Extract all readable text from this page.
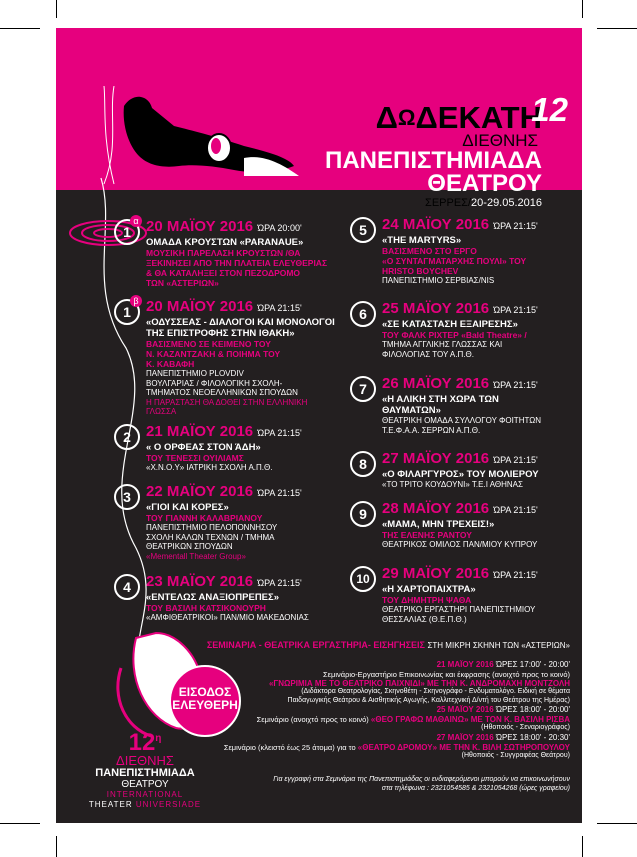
$\Delta^\Omega\Delta EKATH$
12
ΔΙΕΘΝΗΣ
ΠΑΝΕΠΙΣΤΗΜΙΑΔΑ
ΘΕΑΤΡΟΥ
ΣΕΡΡΕΣ/20-29.05.2016
1
α 20 ΜΑΪΟΥ 2016 ΏΡΑ 20:00'
ΟΜΑΔΑ ΚΡΟΥΣΤΩΝ «PARANAUE»
ΜΟΥΣΙΚΗ ΠΑΡΕΛΑΣΗ ΚΡΟΥΣΤΩΝ /ΘΑ
ΞΕΚΙΝΗΣΕΙ ΑΠΟ ΤΗΝ ΠΛΑΤΕΙΑ ΕΛΕΥΘΕΡΙΑΣ
& ΘΑ ΚΑΤΑΛΗΞΕΙ ΣΤΟΝ ΠΕΖΟΔΡΟΜΟ
ΤΩΝ «ΑΣΤΕΡΙΩΝ»
1
β 20 ΜΑΪΟΥ 2016 ΏΡΑ 21:15'
«ΟΔΥΣΣΕΑΣ - ΔΙΑΛΟΓΟΙ ΚΑΙ ΜΟΝΟΛΟΓΟΙ
ΤΗΣ ΕΠΙΣΤΡΟΦΗΣ ΣΤΗΝ ΙΘΑΚΗ»
ΒΑΣΙΣΜΕΝΟ ΣΕ ΚΕΙΜΕΝΟ ΤΟΥ
Ν. ΚΑΖΑΝΤΖΑΚΗ & ΠΟΙΗΜΑ ΤΟΥ
Κ. ΚΑΒΑΦΗ
ΠΑΝΕΠΙΣΤΗΜΙΟ PLOVDIV
ΒΟΥΛΓΑΡΙΑΣ / ΦΙΛΟΛΟΓΙΚΗ ΣΧΟΛΗ-
ΤΜΗΜΑΤΟΣ ΝΕΟΕΛΛΗΝΙΚΩΝ ΣΠΟΥΔΩΝ
Η ΠΑΡΑΣΤΑΣΗ ΘΑ ΔΟΘΕΙ ΣΤΗΝ ΕΛΛΗΝΙΚΗ
ΓΛΩΣΣΑ
2	21 ΜΑΪΟΥ 2016 ΏΡΑ 21:15'
« Ο ΟΡΦΕΑΣ ΣΤΟΝ ΆΔΗ»
ΤΟΥ ΤΕΝΕΣΣΙ ΟΥΙΛΙΑΜΣ
«Χ.Ν.Ο.Υ» ΙΑΤΡΙΚΗ ΣΧΟΛΗ Α.Π.Θ.
3	22 ΜΑΪΟΥ 2016 ΏΡΑ 21:15'
«ΓΙΟΙ ΚΑΙ ΚΟΡΕΣ»
ΤΟΥ ΓΙΑΝΝΗ ΚΑΛΑΒΡΙΑΝΟΥ
ΠΑΝΕΠΙΣΤΗΜΙΟ ΠΕΛΟΠΟΝΝΗΣΟΥ
ΣΧΟΛΗ ΚΑΛΩΝ ΤΕΧΝΩΝ / ΤΜΗΜΑ
ΘΕΑΤΡΙΚΩΝ ΣΠΟΥΔΩΝ
«Mementall Theater Group»
4	23 ΜΑΪΟΥ 2016 ΏΡΑ 21:15'
«ΕΝΤΕΛΩΣ ΑΝΑΞΙΟΠΡΕΠΕΣ»
ΤΟΥ ΒΑΣΙΛΗ ΚΑΤΣΙΚΟΝΟΥΡΗ
«ΑΜΦΙΘΕΑΤΡΙΚΟΙ» ΠΑΝ/ΜΙΟ ΜΑΚΕΔΟΝΙΑΣ
5	24 ΜΑΪΟΥ 2016 ΏΡΑ 21:15'
«THE MARTYRS»
ΒΑΣΙΣΜΕΝΟ ΣΤΟ ΕΡΓΟ
«Ο ΣΥΝΤΑΓΜΑΤΑΡΧΗΣ ΠΟΥΛΙ» ΤΟΥ
HRISTO BOYCHEV
ΠΑΝΕΠΙΣΤΗΜΙΟ ΣΕΡΒΙΑΣ/NIS
6	25 ΜΑΪΟΥ 2016 ΏΡΑ 21:15'
«ΣΕ ΚΑΤΑΣΤΑΣΗ ΕΞΑΙΡΕΣΗΣ»
ΤΟΥ ΦΑΛΚ ΡΙΧΤΕΡ «Bald Theatre» /
ΤΜΗΜΑ ΑΓΓΛΙΚΗΣ ΓΛΩΣΣΑΣ ΚΑΙ
ΦΙΛΟΛΟΓΙΑΣ ΤΟΥ Α.Π.Θ.
7	26 ΜΑΪΟΥ 2016 ΏΡΑ 21:15'
«Η ΑΛΙΚΗ ΣΤΗ ΧΩΡΑ ΤΩΝ
ΘΑΥΜΑΤΩΝ»
ΘΕΑΤΡΙΚΗ ΟΜΑΔΑ ΣΥΛΛΟΓΟΥ ΦΟΙΤΗΤΩΝ
Τ.Ε.Φ.Α.Α. ΣΕΡΡΩΝ Α.Π.Θ.
8	27 ΜΑΪΟΥ 2016 ΏΡΑ 21:15'
«Ο ΦΙΛΑΡΓΥΡΟΣ» ΤΟΥ ΜΟΛΙΕΡΟΥ
«ΤΟ ΤΡΙΤΟ ΚΟΥΔΟΥΝΙ» Τ.Ε.Ι ΑΘΗΝΑΣ
9	28 ΜΑΪΟΥ 2016 ΏΡΑ 21:15'
«ΜΑΜΑ, ΜΗΝ ΤΡΕΧΕΙΣ!»
ΤΗΣ ΕΛΕΝΗΣ ΡΑΝΤΟΥ
ΘΕΑΤΡΙΚΟΣ ΟΜΙΛΟΣ ΠΑΝ/ΜΙΟΥ ΚΥΠΡΟΥ
10 29 ΜΑΪΟΥ 2016 ΏΡΑ 21:15'
«Η ΧΑΡΤΟΠΑΙΧΤΡΑ»
ΤΟΥ ΔΗΜΗΤΡΗ ΨΑΘΑ
ΘΕΑΤΡΙΚΟ ΕΡΓΑΣΤΗΡΙ ΠΑΝΕΠΙΣΤΗΜΙΟΥ
ΘΕΣΣΑΛΙΑΣ (Θ.Ε.Π.Θ.)
ΣΕΜΙΝΑΡΙΑ - ΘΕΑΤΡΙΚΑ ΕΡΓΑΣΤΗΡΙΑ- ΕΙΣΗΓΗΣΕΙΣ ΣΤΗ ΜΙΚΡΗ ΣΚΗΝΗ ΤΩΝ «ΑΣΤΕΡΙΩΝ»
21 ΜΑΪΟΥ 2016 ΏΡΕΣ 17:00' - 20:00'
Σεμινάριο-Εργαστήριο Επικοινωνίας και έκφρασης (ανοιχτό προς το κοινό)
«ΓΝΩΡΙΜΙΑ ΜΕ ΤΟ ΘΕΑΤΡΙΚΟ ΠΑΙΧΝΙΔΙ» ΜΕ ΤΗΝ Κ. ΑΝΔΡΟΜΑΧΗ ΜΟΝΤΖΟΛΗ
(Διδάκτορα Θεατρολογίας, Σκηνοθέτη - Σκηνογράφο - Ενδυματολόγο. Ειδική σε θέματα
Παιδαγωγικής Θεάτρου & Αισθητικής Αγωγής, Καλλιτεχνική Δ/ντή του Θεάτρου της Ημέρας)
25 ΜΑΪΟΥ 2016 ΏΡΕΣ 18:00' - 20:00'
Σεμινάριο (ανοιχτό προς το κοινό) «ΘΕΟ ΓΡΑΦΩ ΜΑΘΑΙΝΩ» ΜΕ ΤΟΝ Κ. ΒΑΣΙΛΗ ΡΙΣΒΑ
(Ηθοποιός - Σεναριογράφος)
27 ΜΑΪΟΥ 2016 ΏΡΕΣ 18:00' - 20:30'
Σεμινάριο (κλειστό έως 25 άτομα) για το «ΘΕΑΤΡΟ ΔΡΟΜΟΥ» ΜΕ ΤΗΝ Κ. ΒΙΛΗ ΣΩΤΗΡΟΠΟΥΛΟΥ
(Ηθοποιός - Συγγραφέας Θεάτρου)
ΕΙΣΟΔΟΣ
ΕΛΕΥΘΕΡΗ
$12^\eta$
ΔΙΕΘΝΗΣ
ΠΑΝΕΠΙΣΤΗΜΙΑΔΑ
ΘΕΑΤΡΟΥ
INTERNATIONAL
THEATER UNIVERSIADE
Για εγγραφή στα Σεμινάρια της Πανεπιστημιάδας οι ενδιαφερόμενοι μπορούν να επικοινωνήσουν
στα τηλέφωνα : 2321054585 & 2321054268 (ώρες γραφείου)
